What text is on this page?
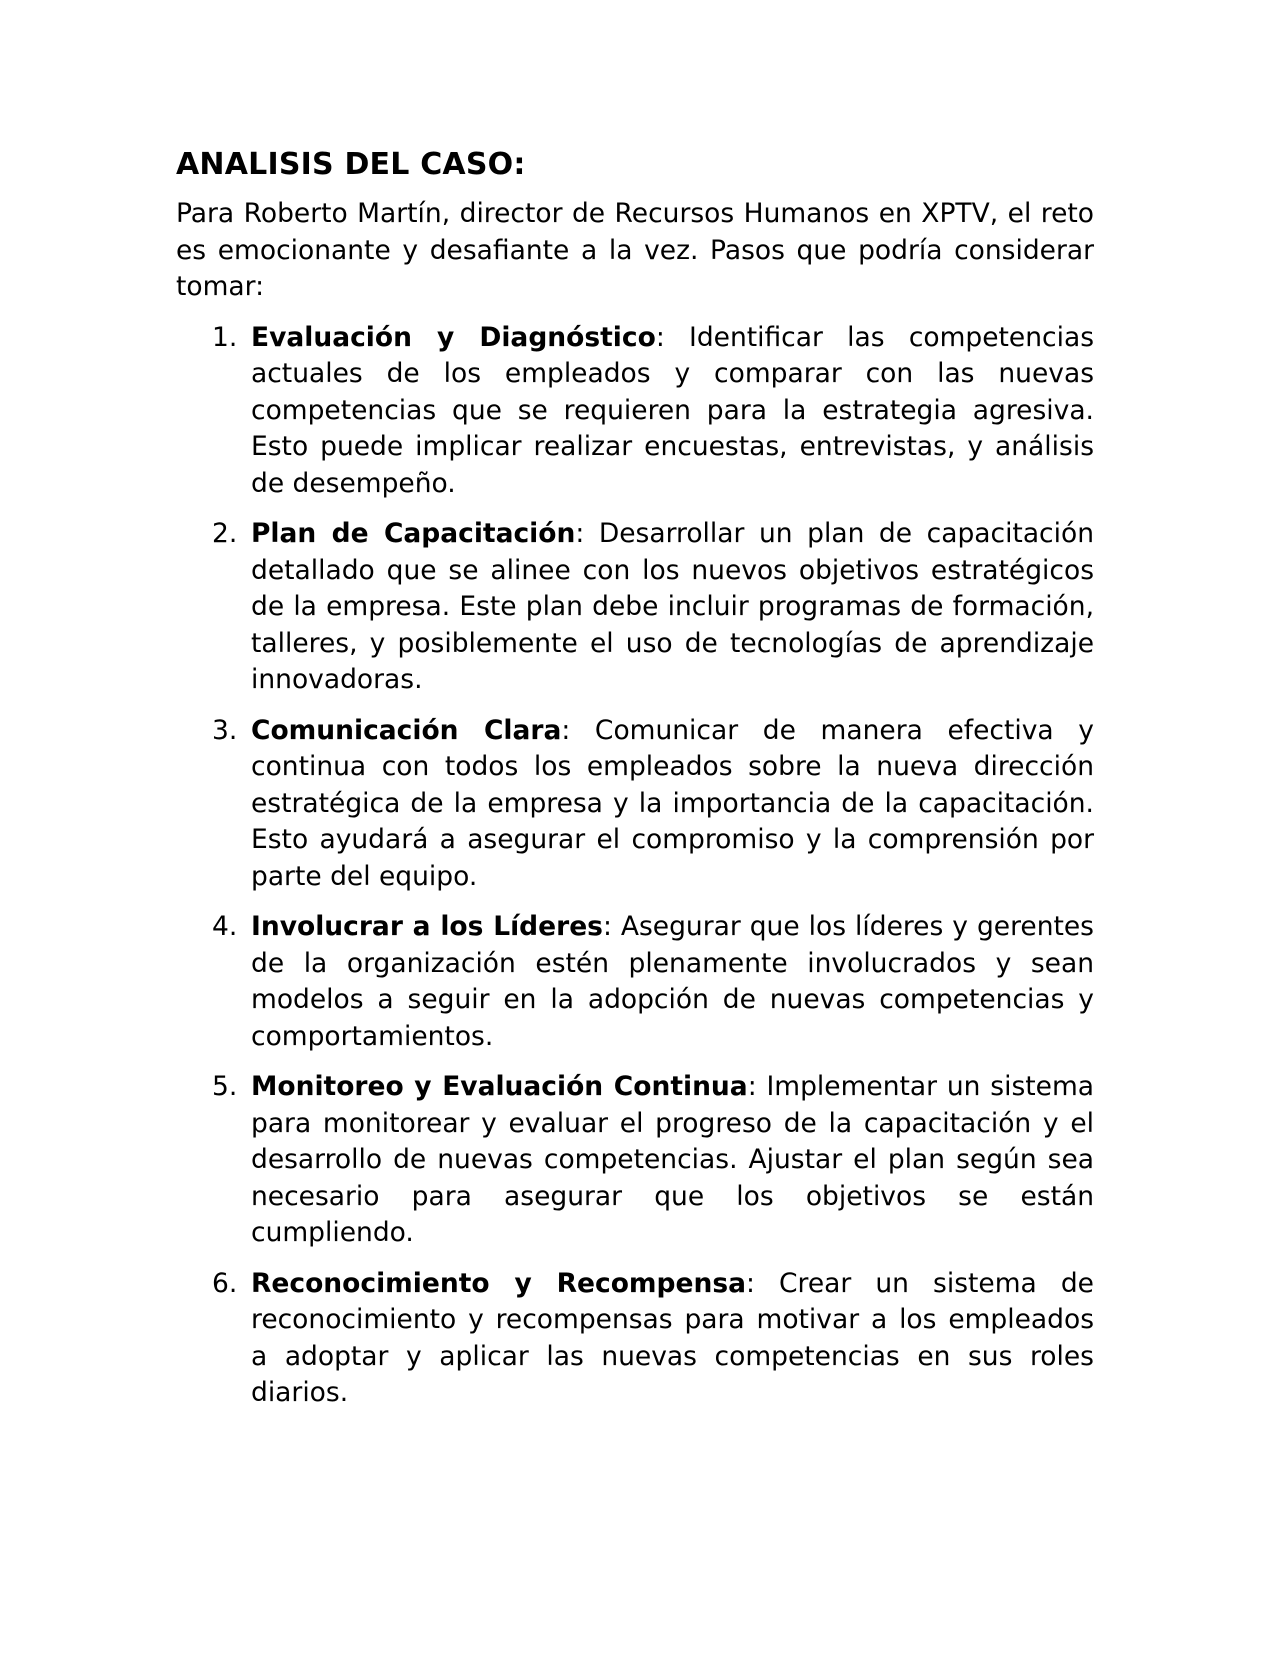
ANALISIS DEL CASO:

Para Roberto Martín, director de Recursos Humanos en XPTV, el reto es emocionante y desafiante a la vez. Pasos que podría considerar tomar:

1. Evaluación y Diagnóstico: Identificar las competencias actuales de los empleados y comparar con las nuevas competencias que se requieren para la estrategia agresiva. Esto puede implicar realizar encuestas, entrevistas, y análisis de desempeño.
2. Plan de Capacitación: Desarrollar un plan de capacitación detallado que se alinee con los nuevos objetivos estratégicos de la empresa. Este plan debe incluir programas de formación, talleres, y posiblemente el uso de tecnologías de aprendizaje innovadoras.
3. Comunicación Clara: Comunicar de manera efectiva y continua con todos los empleados sobre la nueva dirección estratégica de la empresa y la importancia de la capacitación. Esto ayudará a asegurar el compromiso y la comprensión por parte del equipo.
4. Involucrar a los Líderes: Asegurar que los líderes y gerentes de la organización estén plenamente involucrados y sean modelos a seguir en la adopción de nuevas competencias y comportamientos.
5. Monitoreo y Evaluación Continua: Implementar un sistema para monitorear y evaluar el progreso de la capacitación y el desarrollo de nuevas competencias. Ajustar el plan según sea necesario para asegurar que los objetivos se están cumpliendo.
6. Reconocimiento y Recompensa: Crear un sistema de reconocimiento y recompensas para motivar a los empleados a adoptar y aplicar las nuevas competencias en sus roles diarios.
